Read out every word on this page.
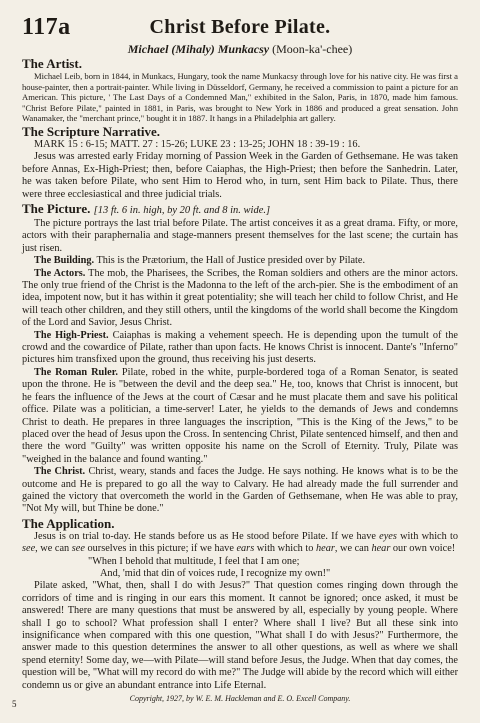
117a	Christ Before Pilate.
Michael (Mihaly) Munkacsy (Moon-ka'-chee)
The Artist.

Michael Leib, born in 1844, in Munkacs, Hungary, took the name Munkacsy through love for his native city. He was first a house-painter, then a portrait-painter. While living in Düsseldorf, Germany, he received a commission to paint a picture for an American. This picture, ' The Last Days of a Condemned Man," exhibited in the Salon, Paris, in 1870, made him famous. "Christ Before Pilate," painted in 1881, in Paris, was brought to New York in 1886 and produced a great sensation. John Wanamaker, the "merchant prince," bought it in 1887. It hangs in a Philadelphia art gallery.

The Scripture Narrative.

MARK 15 : 6-15; MATT. 27 : 15-26; LUKE 23 : 13-25; JOHN 18 : 39-19 : 16.

Jesus was arrested early Friday morning of Passion Week in the Garden of Gethsemane. He was taken before Annas, Ex-High-Priest; then, before Caiaphas, the High-Priest; then before the Sanhedrin. Later, he was taken before Pilate, who sent Him to Herod who, in turn, sent Him back to Pilate. Thus, there were three ecclesiastical and three judicial trials.

The Picture. [13 ft. 6 in. high, by 20 ft. and 8 in. wide.]

The picture portrays the last trial before Pilate. The artist conceives it as a great drama. Fifty, or more, actors with their paraphernalia and stage-manners present themselves for the last scene; the curtain has just risen.

The Building. This is the Prætorium, the Hall of Justice presided over by Pilate.

The Actors. The mob, the Pharisees, the Scribes, the Roman soldiers and others are the minor actors. The only true friend of the Christ is the Madonna to the left of the arch-pier. She is the embodiment of an idea, impotent now, but it has within it great potentiality; she will teach her child to follow Christ, and He will teach other children, and they still others, until the kingdoms of the world shall become the Kingdom of the Lord and Savior, Jesus Christ.

The High-Priest. Caiaphas is making a vehement speech. He is depending upon the tumult of the crowd and the cowardice of Pilate, rather than upon facts. He knows Christ is innocent. Dante's "Inferno" pictures him transfixed upon the ground, thus receiving his just deserts.

The Roman Ruler. Pilate, robed in the white, purple-bordered toga of a Roman Senator, is seated upon the throne. He is "between the devil and the deep sea." He, too, knows that Christ is innocent, but he fears the influence of the Jews at the court of Cæsar and he must placate them and save his political office. Pilate was a politician, a time-server! Later, he yields to the demands of Jews and condemns Christ to death. He prepares in three languages the inscription, "This is the King of the Jews," to be placed over the head of Jesus upon the Cross. In sentencing Christ, Pilate sentenced himself, and then and there the word "Guilty" was written opposite his name on the Scroll of Eternity. Truly, Pilate was "weighed in the balance and found wanting."

The Christ. Christ, weary, stands and faces the Judge. He says nothing. He knows what is to be the outcome and He is prepared to go all the way to Calvary. He had already made the full surrender and gained the victory that overcometh the world in the Garden of Gethsemane, when He was able to pray, "Not My will, but Thine be done."

The Application.

Jesus is on trial to-day. He stands before us as He stood before Pilate. If we have eyes with which to see, we can see ourselves in this picture; if we have ears with which to hear, we can hear our own voice!

"When I behold that multitude, I feel that I am one;
And, 'mid that din of voices rude, I recognize my own!"

Pilate asked, "What, then, shall I do with Jesus?" That question comes ringing down through the corridors of time and is ringing in our ears this moment. It cannot be ignored; once asked, it must be answered! There are many questions that must be answered by all, especially by young people. Where shall I go to school? What profession shall I enter? Where shall I live? But all these sink into insignificance when compared with this one question, "What shall I do with Jesus?" Furthermore, the answer made to this question determines the answer to all other questions, as well as where we shall spend eternity! Some day, we—with Pilate—will stand before Jesus, the Judge. When that day comes, the question will be, "What will my record do with me?" The Judge will abide by the record which will either condemn us or give an abundant entrance into Life Eternal.

Copyright, 1927, by W. E. M. Hackleman and E. O. Excell Company.
5
